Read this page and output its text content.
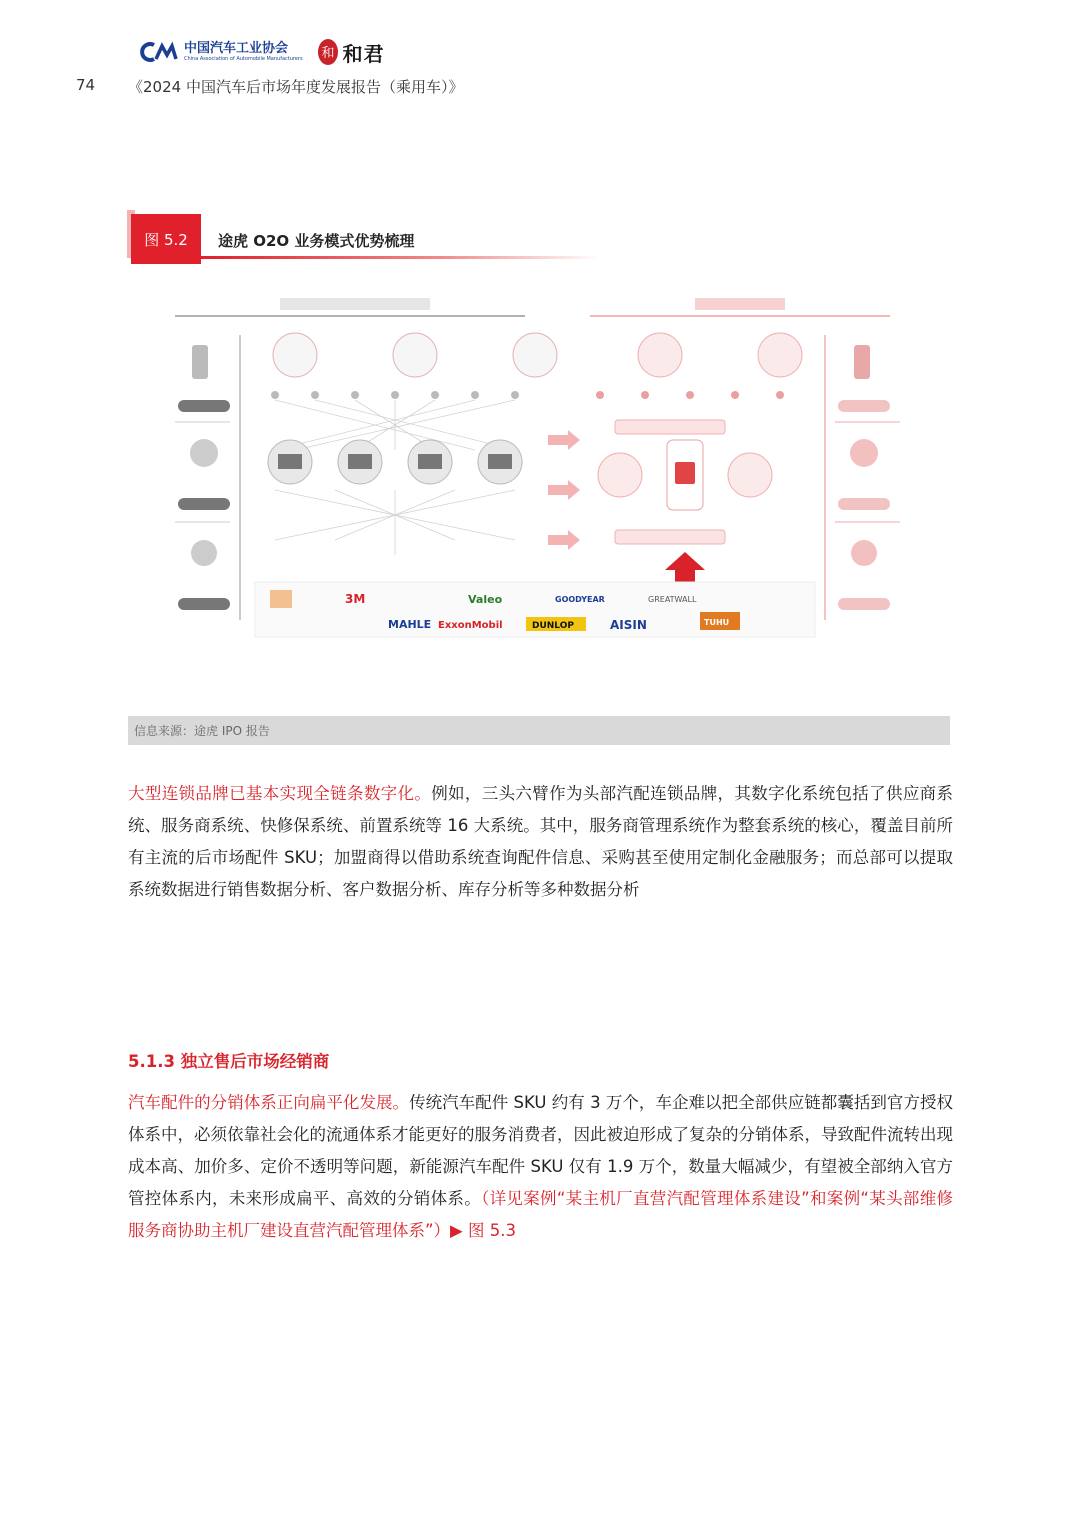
中国汽车工业协会
China Association of Automobile Manufacturers 和 和君
74 《2024 中国汽车后市场年度发展报告（乘用车）》
图 5.2	途虎 O2O 业务模式优势梳理
3M	Valeo	GOODYEAR	GREATWALL
MAHLE ExxonMobil	DUNLOP	AISIN	TUHU
信息来源：途虎 IPO 报告
大型连锁品牌已基本实现全链条数字化。例如，三头六臂作为头部汽配连锁品牌，其数字化系统包括了供应商系统、服务商系统、快修保系统、前置系统等 16 大系统。其中，服务商管理系统作为整套系统的核心，覆盖目前所有主流的后市场配件 SKU；加盟商得以借助系统查询配件信息、采购甚至使用定制化金融服务；而总部可以提取系统数据进行销售数据分析、客户数据分析、库存分析等多种数据分析
5.1.3 独立售后市场经销商
汽车配件的分销体系正向扁平化发展。传统汽车配件 SKU 约有 3 万个，车企难以把全部供应链都囊括到官方授权体系中，必须依靠社会化的流通体系才能更好的服务消费者，因此被迫形成了复杂的分销体系，导致配件流转出现成本高、加价多、定价不透明等问题，新能源汽车配件 SKU 仅有 1.9 万个，数量大幅减少，有望被全部纳入官方管控体系内，未来形成扁平、高效的分销体系。（详见案例“某主机厂直营汽配管理体系建设”和案例“某头部维修服务商协助主机厂建设直营汽配管理体系”）▶ 图 5.3
